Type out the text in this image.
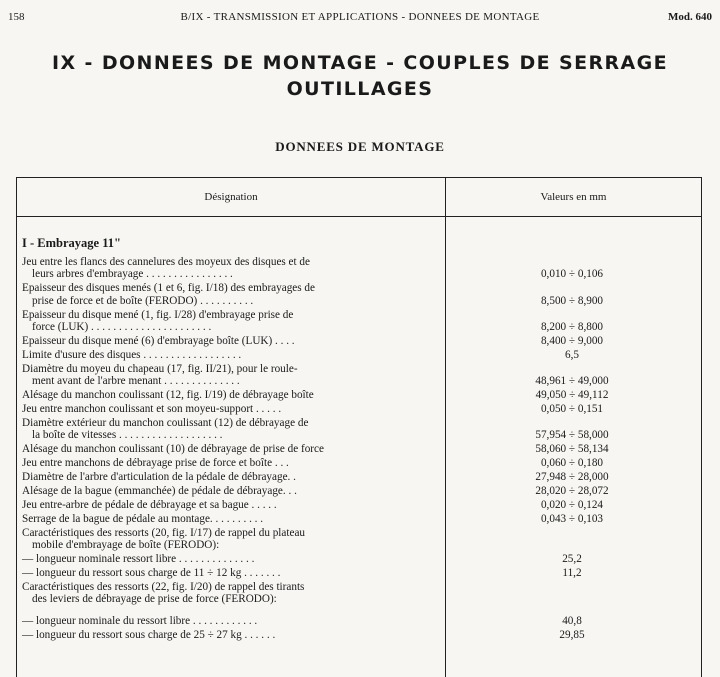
158	B/IX - TRANSMISSION ET APPLICATIONS - DONNEES DE MONTAGE	Mod. 640
IX - DONNEES DE MONTAGE - COUPLES DE SERRAGE
OUTILLAGES
DONNEES DE MONTAGE
Désignation	Valeurs en mm
I - Embrayage 11"
Jeu entre les flancs des cannelures des moyeux des disques et de
leurs arbres d'embrayage . . . . . . . . . . . . . . . .	0,010 ÷ 0,106
Epaisseur des disques menés (1 et 6, fig. I/18) des embrayages de
prise de force et de boîte (FERODO) . . . . . . . . . .	8,500 ÷ 8,900
Epaisseur du disque mené (1, fig. I/28) d'embrayage prise de
force (LUK) . . . . . . . . . . . . . . . . . . . . . .	8,200 ÷ 8,800
Epaisseur du disque mené (6) d'embrayage boîte (LUK) . . . .	8,400 ÷ 9,000
Limite d'usure des disques . . . . . . . . . . . . . . . . . .	6,5
Diamètre du moyeu du chapeau (17, fig. II/21), pour le roule-
ment avant de l'arbre menant . . . . . . . . . . . . . .	48,961 ÷ 49,000
Alésage du manchon coulissant (12, fig. I/19) de débrayage boîte	49,050 ÷ 49,112
Jeu entre manchon coulissant et son moyeu-support . . . . .	0,050 ÷ 0,151
Diamètre extérieur du manchon coulissant (12) de débrayage de
la boîte de vitesses . . . . . . . . . . . . . . . . . . .	57,954 ÷ 58,000
Alésage du manchon coulissant (10) de débrayage de prise de force	58,060 ÷ 58,134
Jeu entre manchons de débrayage prise de force et boîte . . .	0,060 ÷ 0,180
Diamètre de l'arbre d'articulation de la pédale de débrayage. .	27,948 ÷ 28,000
Alésage de la bague (emmanchée) de pédale de débrayage. . .	28,020 ÷ 28,072
Jeu entre-arbre de pédale de débrayage et sa bague . . . . .	0,020 ÷ 0,124
Serrage de la bague de pédale au montage. . . . . . . . . .	0,043 ÷ 0,103
Caractéristiques des ressorts (20, fig. I/17) de rappel du plateau
mobile d'embrayage de boîte (FERODO):
— longueur nominale ressort libre . . . . . . . . . . . . . .	25,2
— longueur du ressort sous charge de 11 ÷ 12 kg . . . . . . .	11,2
Caractéristiques des ressorts (22, fig. I/20) de rappel des tirants
des leviers de débrayage de prise de force (FERODO):
— longueur nominale du ressort libre . . . . . . . . . . . .	40,8
— longueur du ressort sous charge de 25 ÷ 27 kg . . . . . .	29,85
